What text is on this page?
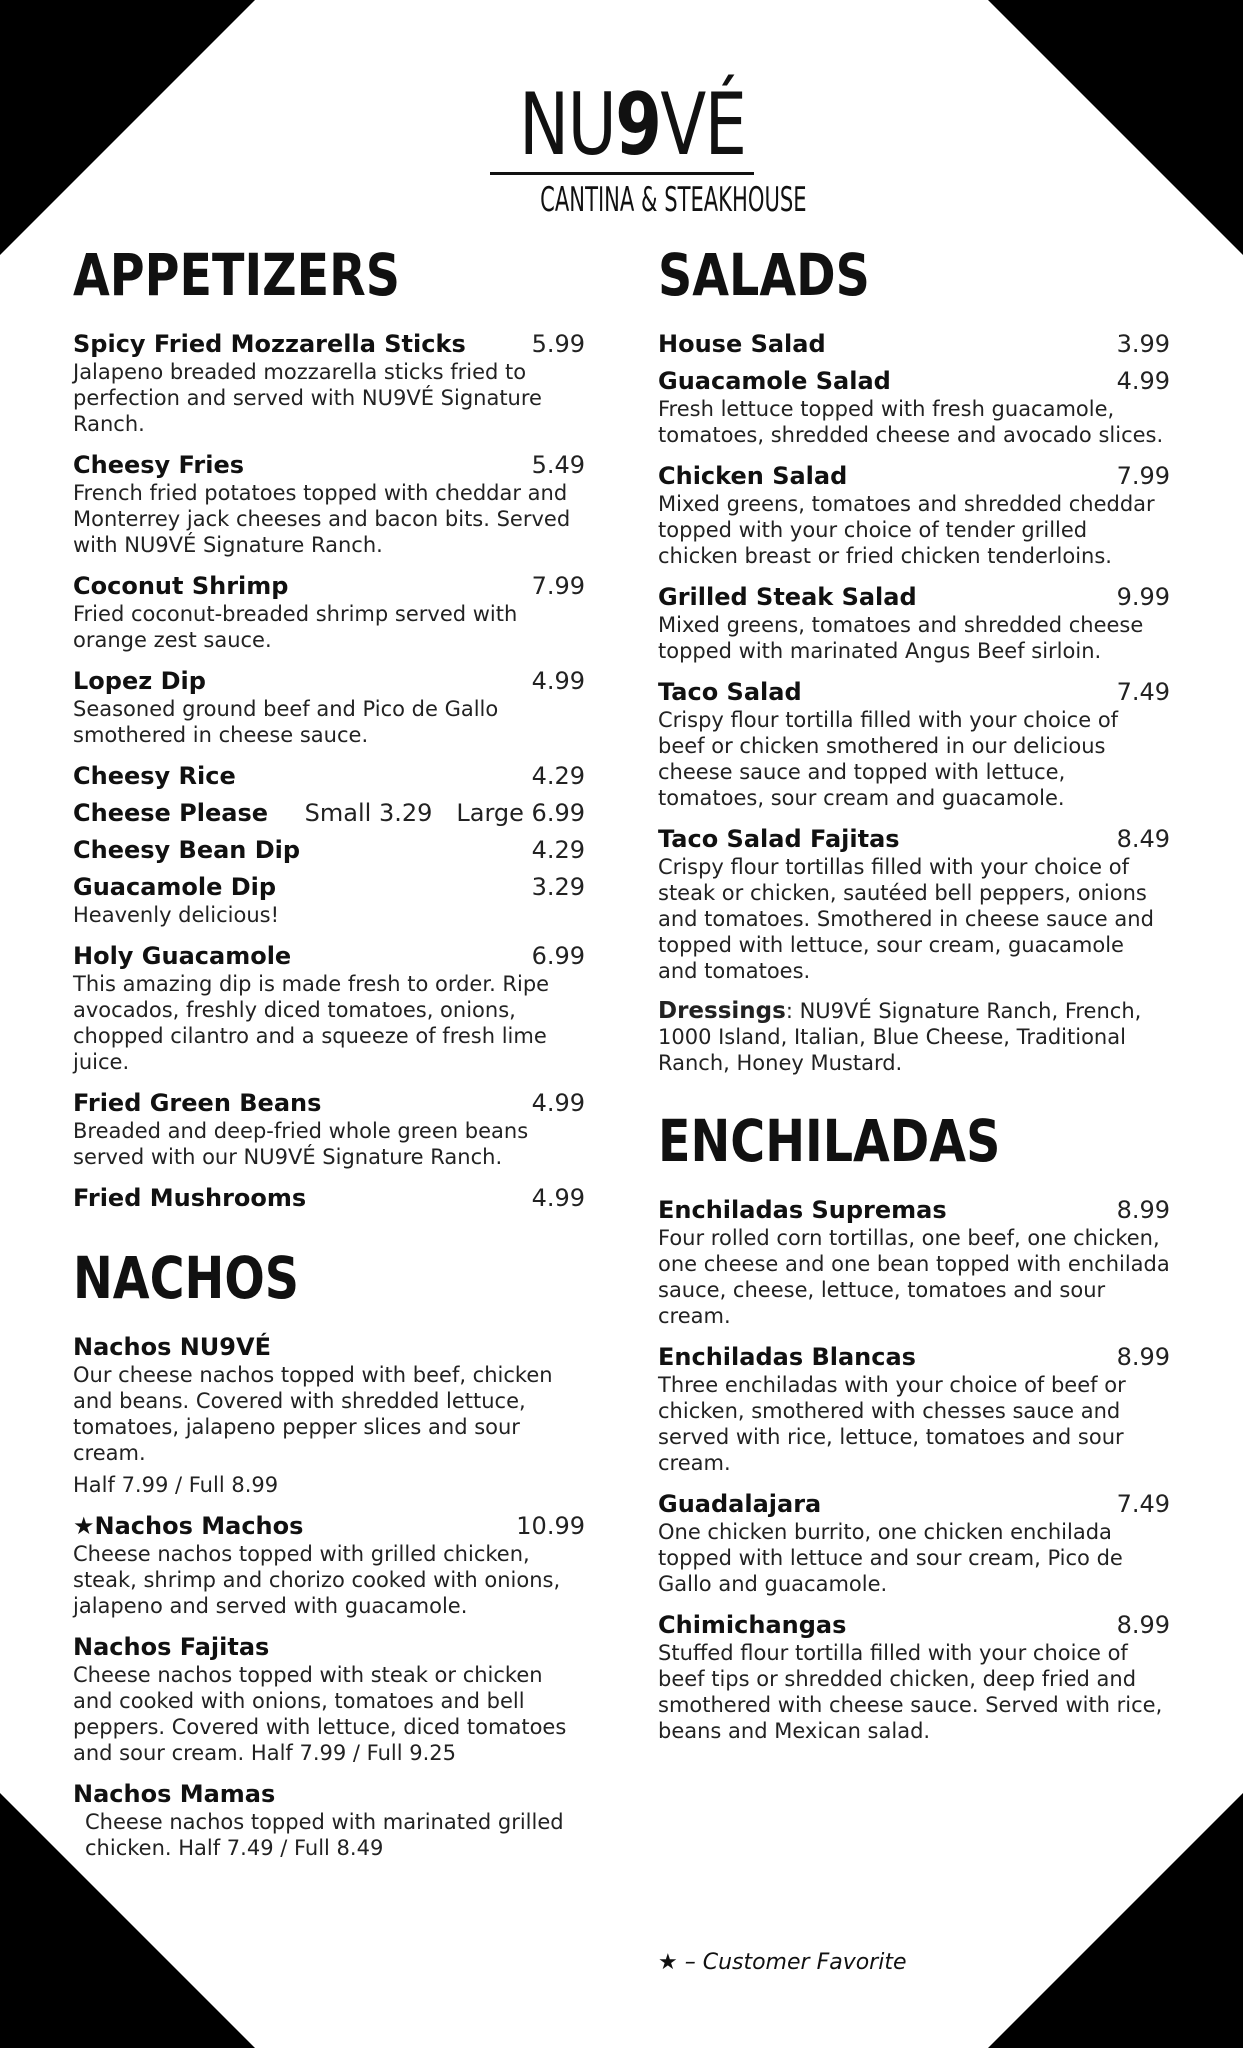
NU9VÉ
CANTINA & STEAKHOUSE
APPETIZERS
Spicy Fried Mozzarella Sticks	5.99
Jalapeno breaded mozzarella sticks fried to perfection and served with NU9VÉ Signature Ranch.
Cheesy Fries	5.49
French fried potatoes topped with cheddar and Monterrey jack cheeses and bacon bits. Served with NU9VÉ Signature Ranch.
Coconut Shrimp	7.99
Fried coconut-breaded shrimp served with orange zest sauce.
Lopez Dip	4.99
Seasoned ground beef and Pico de Gallo smothered in cheese sauce.
Cheesy Rice	4.29
Cheese Please Small 3.29 Large 6.99
Cheesy Bean Dip	4.29
Guacamole Dip	3.29
Heavenly delicious!
Holy Guacamole	6.99
This amazing dip is made fresh to order. Ripe avocados, freshly diced tomatoes, onions, chopped cilantro and a squeeze of fresh lime juice.
Fried Green Beans	4.99
Breaded and deep-fried whole green beans served with our NU9VÉ Signature Ranch.
Fried Mushrooms	4.99
NACHOS
Nachos NU9VÉ
Our cheese nachos topped with beef, chicken and beans. Covered with shredded lettuce, tomatoes, jalapeno pepper slices and sour cream.
Half 7.99 / Full 8.99
★Nachos Machos	10.99
Cheese nachos topped with grilled chicken, steak, shrimp and chorizo cooked with onions, jalapeno and served with guacamole.
Nachos Fajitas
Cheese nachos topped with steak or chicken and cooked with onions, tomatoes and bell peppers. Covered with lettuce, diced tomatoes and sour cream. Half 7.99 / Full 9.25
Nachos Mamas
Cheese nachos topped with marinated grilled chicken. Half 7.49 / Full 8.49
SALADS
House Salad	3.99
Guacamole Salad	4.99
Fresh lettuce topped with fresh guacamole, tomatoes, shredded cheese and avocado slices.
Chicken Salad	7.99
Mixed greens, tomatoes and shredded cheddar topped with your choice of tender grilled chicken breast or fried chicken tenderloins.
Grilled Steak Salad	9.99
Mixed greens, tomatoes and shredded cheese topped with marinated Angus Beef sirloin.
Taco Salad	7.49
Crispy flour tortilla filled with your choice of beef or chicken smothered in our delicious cheese sauce and topped with lettuce, tomatoes, sour cream and guacamole.
Taco Salad Fajitas	8.49
Crispy flour tortillas filled with your choice of steak or chicken, sautéed bell peppers, onions and tomatoes. Smothered in cheese sauce and topped with lettuce, sour cream, guacamole and tomatoes.
Dressings: NU9VÉ Signature Ranch, French, 1000 Island, Italian, Blue Cheese, Traditional Ranch, Honey Mustard.
ENCHILADAS
Enchiladas Supremas	8.99
Four rolled corn tortillas, one beef, one chicken, one cheese and one bean topped with enchilada sauce, cheese, lettuce, tomatoes and sour cream.
Enchiladas Blancas	8.99
Three enchiladas with your choice of beef or chicken, smothered with chesses sauce and served with rice, lettuce, tomatoes and sour cream.
Guadalajara	7.49
One chicken burrito, one chicken enchilada topped with lettuce and sour cream, Pico de Gallo and guacamole.
Chimichangas	8.99
Stuffed flour tortilla filled with your choice of beef tips or shredded chicken, deep fried and smothered with cheese sauce. Served with rice, beans and Mexican salad.
★ – Customer Favorite
